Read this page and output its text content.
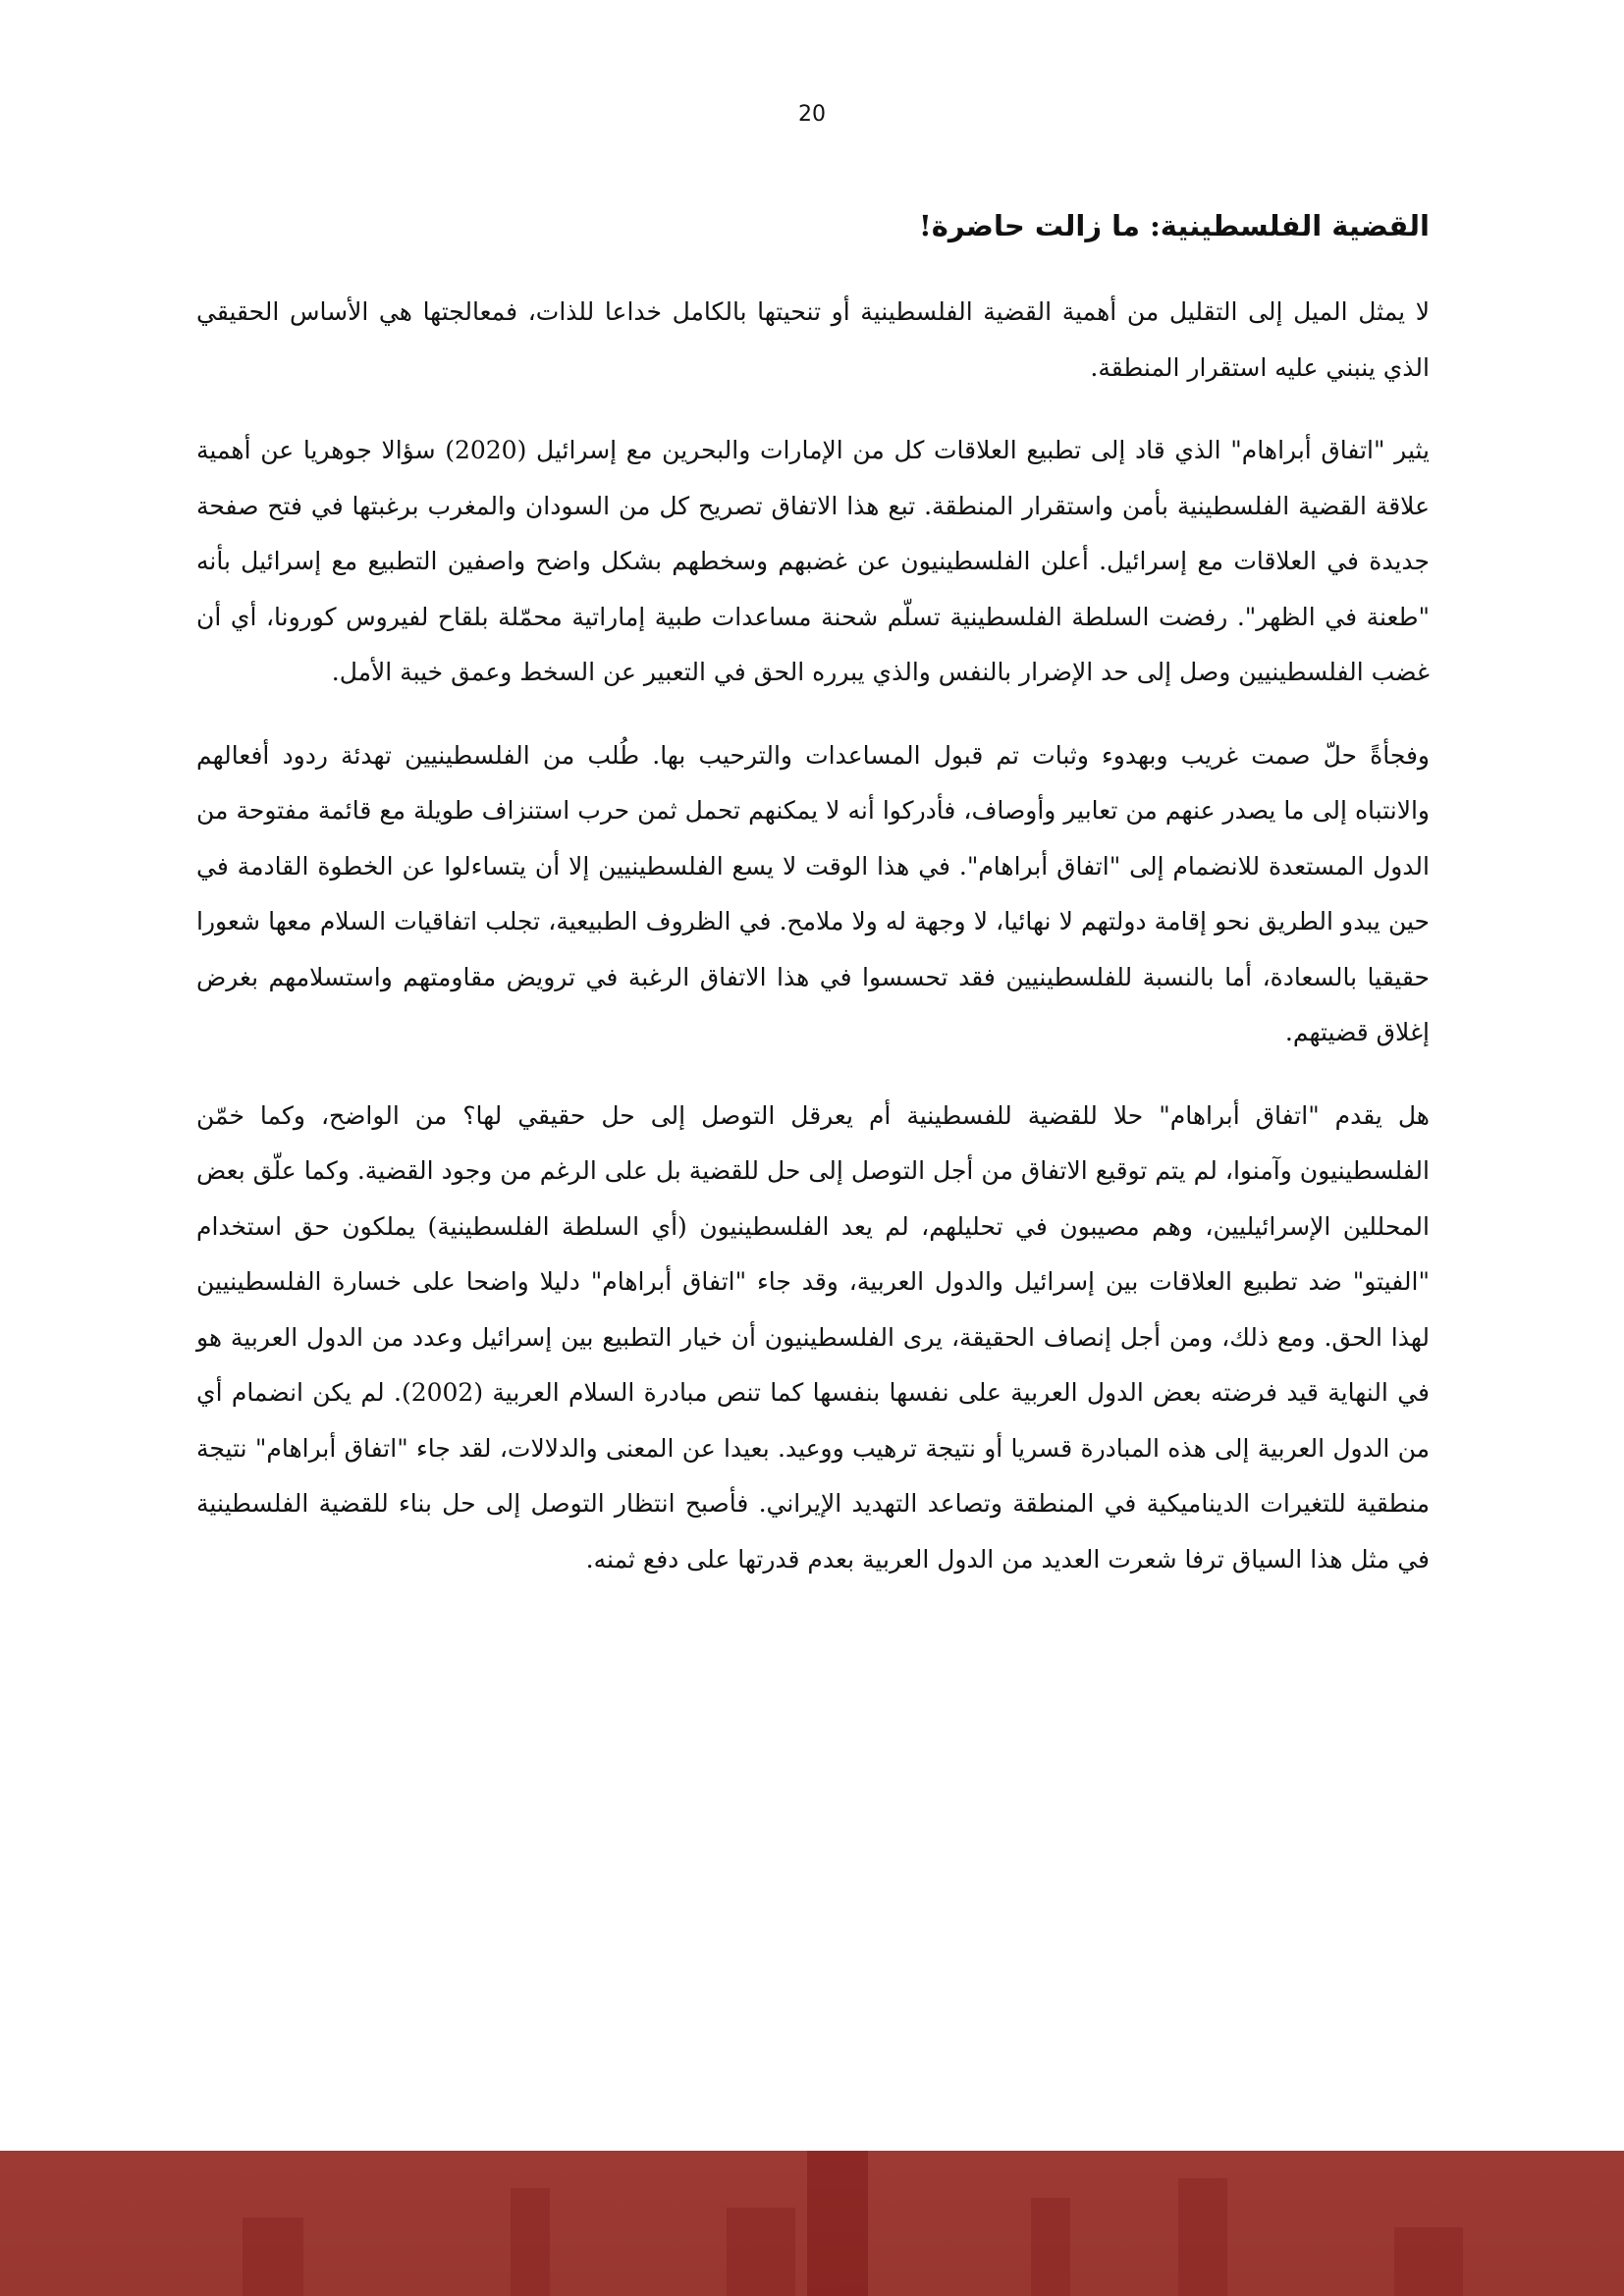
20
القضية الفلسطينية: ما زالت حاضرة!

لا يمثل الميل إلى التقليل من أهمية القضية الفلسطينية أو تنحيتها بالكامل خداعا للذات، فمعالجتها هي الأساس الحقيقي الذي ينبني عليه استقرار المنطقة.

يثير "اتفاق أبراهام" الذي قاد إلى تطبيع العلاقات كل من الإمارات والبحرين مع إسرائيل (2020) سؤالا جوهريا عن أهمية علاقة القضية الفلسطينية بأمن واستقرار المنطقة. تبع هذا الاتفاق تصريح كل من السودان والمغرب برغبتها في فتح صفحة جديدة في العلاقات مع إسرائيل. أعلن الفلسطينيون عن غضبهم وسخطهم بشكل واضح واصفين التطبيع مع إسرائيل بأنه "طعنة في الظهر". رفضت السلطة الفلسطينية تسلّم شحنة مساعدات طبية إماراتية محمّلة بلقاح لفيروس كورونا، أي أن غضب الفلسطينيين وصل إلى حد الإضرار بالنفس والذي يبرره الحق في التعبير عن السخط وعمق خيبة الأمل.

وفجأةً حلّ صمت غريب وبهدوء وثبات تم قبول المساعدات والترحيب بها. طُلب من الفلسطينيين تهدئة ردود أفعالهم والانتباه إلى ما يصدر عنهم من تعابير وأوصاف، فأدركوا أنه لا يمكنهم تحمل ثمن حرب استنزاف طويلة مع قائمة مفتوحة من الدول المستعدة للانضمام إلى "اتفاق أبراهام". في هذا الوقت لا يسع الفلسطينيين إلا أن يتساءلوا عن الخطوة القادمة في حين يبدو الطريق نحو إقامة دولتهم لا نهائيا، لا وجهة له ولا ملامح. في الظروف الطبيعية، تجلب اتفاقيات السلام معها شعورا حقيقيا بالسعادة، أما بالنسبة للفلسطينيين فقد تحسسوا في هذا الاتفاق الرغبة في ترويض مقاومتهم واستسلامهم بغرض إغلاق قضيتهم.

هل يقدم "اتفاق أبراهام" حلا للقضية للفسطينية أم يعرقل التوصل إلى حل حقيقي لها؟ من الواضح، وكما خمّن الفلسطينيون وآمنوا، لم يتم توقيع الاتفاق من أجل التوصل إلى حل للقضية بل على الرغم من وجود القضية. وكما علّق بعض المحللين الإسرائيليين، وهم مصيبون في تحليلهم، لم يعد الفلسطينيون (أي السلطة الفلسطينية) يملكون حق استخدام "الفيتو" ضد تطبيع العلاقات بين إسرائيل والدول العربية، وقد جاء "اتفاق أبراهام" دليلا واضحا على خسارة الفلسطينيين لهذا الحق. ومع ذلك، ومن أجل إنصاف الحقيقة، يرى الفلسطينيون أن خيار التطبيع بين إسرائيل وعدد من الدول العربية هو في النهاية قيد فرضته بعض الدول العربية على نفسها بنفسها كما تنص مبادرة السلام العربية (2002). لم يكن انضمام أي من الدول العربية إلى هذه المبادرة قسريا أو نتيجة ترهيب ووعيد. بعيدا عن المعنى والدلالات، لقد جاء "اتفاق أبراهام" نتيجة منطقية للتغيرات الديناميكية في المنطقة وتصاعد التهديد الإيراني. فأصبح انتظار التوصل إلى حل بناء للقضية الفلسطينية في مثل هذا السياق ترفا شعرت العديد من الدول العربية بعدم قدرتها على دفع ثمنه.
